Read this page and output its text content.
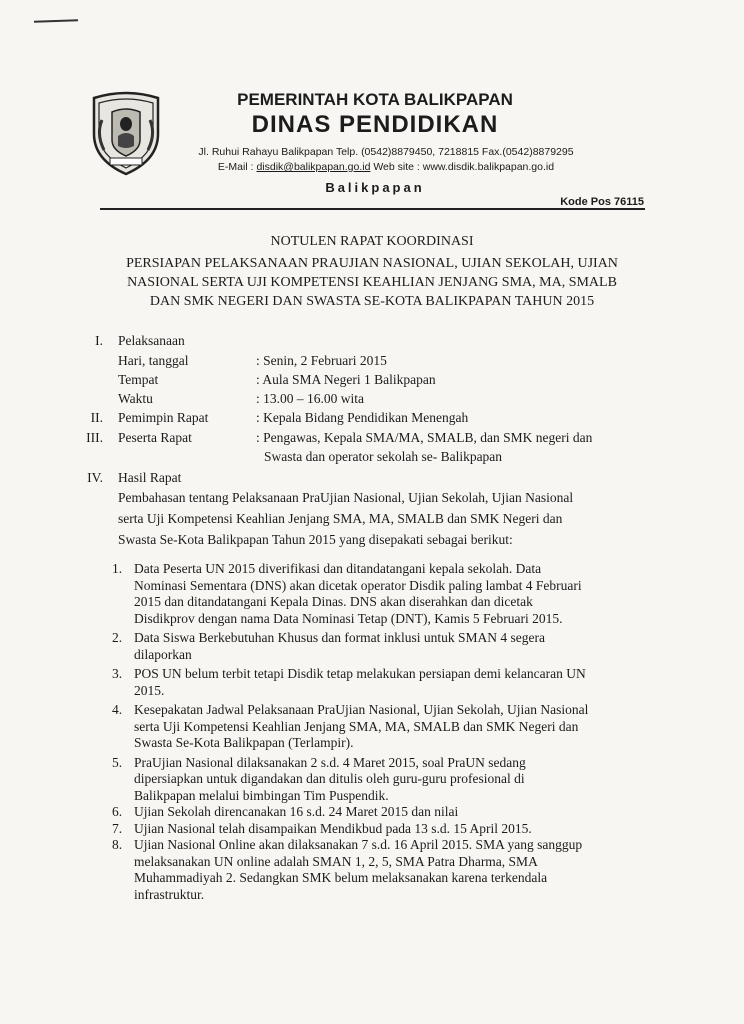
PEMERINTAH KOTA BALIKPAPAN
DINAS PENDIDIKAN
Jl. Ruhui Rahayu Balikpapan Telp. (0542)8879450, 7218815 Fax.(0542)8879295
E-Mail : disdik@balikpapan.go.id Web site : www.disdik.balikpapan.go.id
Balikpapan
Kode Pos 76115
NOTULEN RAPAT KOORDINASI
PERSIAPAN PELAKSANAAN PRAUJIAN NASIONAL, UJIAN SEKOLAH, UJIAN
NASIONAL SERTA UJI KOMPETENSI KEAHLIAN JENJANG SMA, MA, SMALB
DAN SMK NEGERI DAN SWASTA SE-KOTA BALIKPAPAN TAHUN 2015
I. Pelaksanaan
Hari, tanggal	: Senin, 2 Februari 2015
Tempat	: Aula SMA Negeri 1 Balikpapan
Waktu	: 13.00 – 16.00 wita
II. Pemimpin Rapat	: Kepala Bidang Pendidikan Menengah
III. Peserta Rapat	: Pengawas, Kepala SMA/MA, SMALB, dan SMK negeri dan
Swasta dan operator sekolah se- Balikpapan
IV. Hasil Rapat
Pembahasan tentang Pelaksanaan PraUjian Nasional, Ujian Sekolah, Ujian Nasional
serta Uji Kompetensi Keahlian Jenjang SMA, MA, SMALB dan SMK Negeri dan
Swasta Se-Kota Balikpapan Tahun 2015 yang disepakati sebagai berikut:
1. Data Peserta UN 2015 diverifikasi dan ditandatangani kepala sekolah. Data
Nominasi Sementara (DNS) akan dicetak operator Disdik paling lambat 4 Februari
2015 dan ditandatangani Kepala Dinas. DNS akan diserahkan dan dicetak
Disdikprov dengan nama Data Nominasi Tetap (DNT), Kamis 5 Februari 2015.
2. Data Siswa Berkebutuhan Khusus dan format inklusi untuk SMAN 4 segera
dilaporkan
3. POS UN belum terbit tetapi Disdik tetap melakukan persiapan demi kelancaran UN
2015.
4. Kesepakatan Jadwal Pelaksanaan PraUjian Nasional, Ujian Sekolah, Ujian Nasional
serta Uji Kompetensi Keahlian Jenjang SMA, MA, SMALB dan SMK Negeri dan
Swasta Se-Kota Balikpapan (Terlampir).
5. PraUjian Nasional dilaksanakan 2 s.d. 4 Maret 2015, soal PraUN sedang
dipersiapkan untuk digandakan dan ditulis oleh guru-guru profesional di
Balikpapan melalui bimbingan Tim Puspendik.
6. Ujian Sekolah direncanakan 16 s.d. 24 Maret 2015 dan nilai
7. Ujian Nasional telah disampaikan Mendikbud pada 13 s.d. 15 April 2015.
8. Ujian Nasional Online akan dilaksanakan 7 s.d. 16 April 2015. SMA yang sanggup
melaksanakan UN online adalah SMAN 1, 2, 5, SMA Patra Dharma, SMA
Muhammadiyah 2. Sedangkan SMK belum melaksanakan karena terkendala
infrastruktur.
